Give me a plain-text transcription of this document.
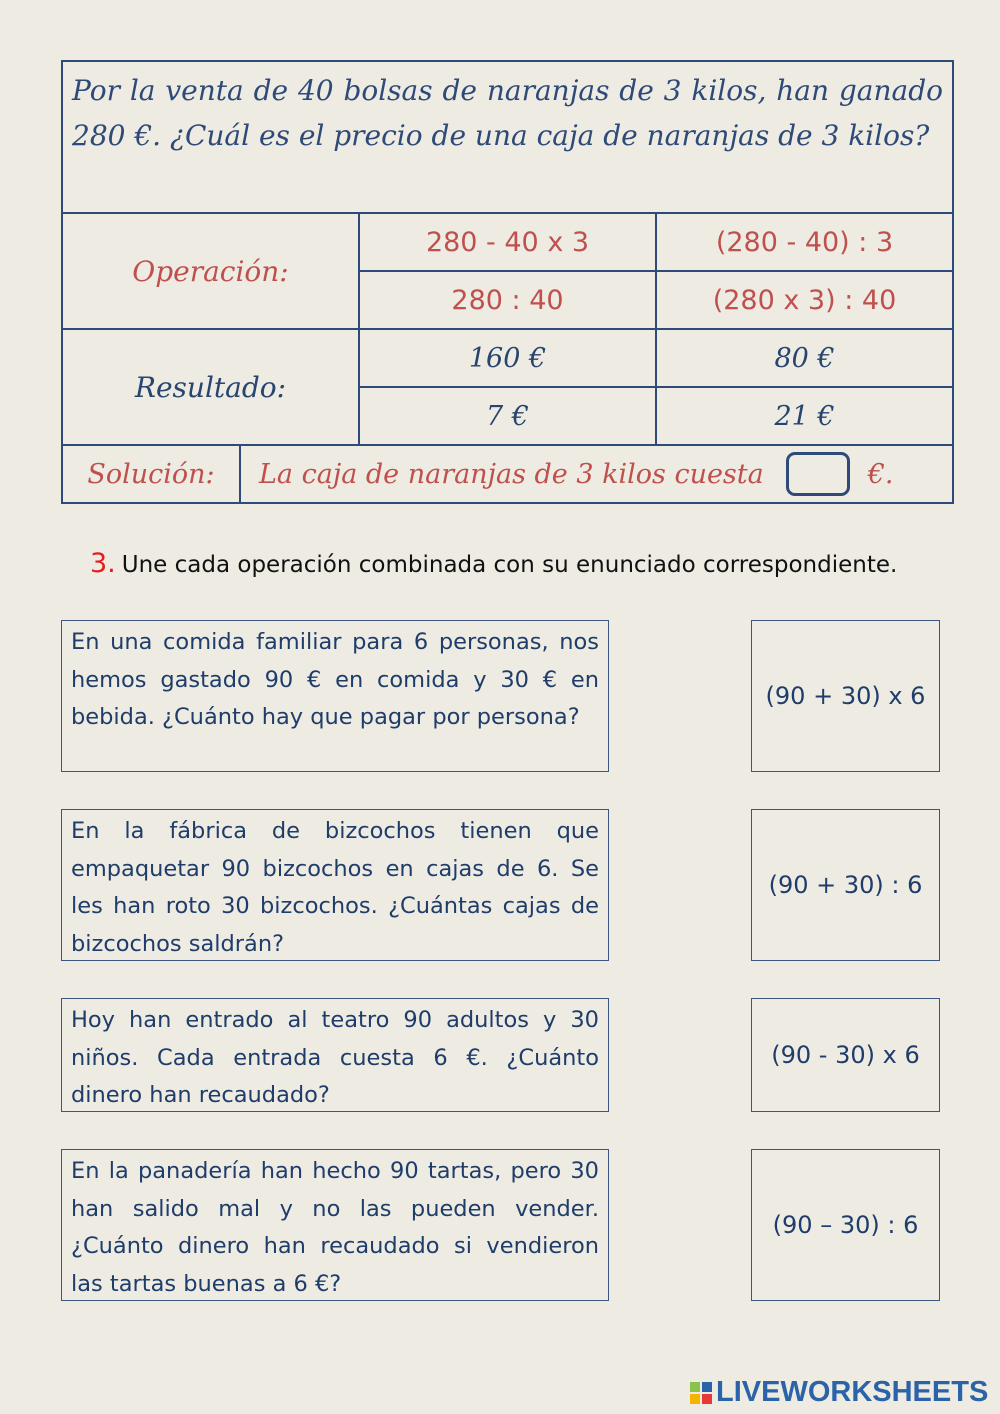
Por la venta de 40 bolsas de naranjas de 3 kilos, han ganado 280 €. ¿Cuál es el precio de una caja de naranjas de 3 kilos?
Operación:
280 - 40 x 3	(280 - 40) : 3
280 : 40	(280 x 3) : 40
Resultado:
160 €	80 €
7 €	21 €
Solución:	La caja de naranjas de 3 kilos cuesta	€.
3. Une cada operación combinada con su enunciado correspondiente.
En una comida familiar para 6 personas, nos hemos gastado 90 € en comida y 30 € en bebida. ¿Cuánto hay que pagar por persona?
En la fábrica de bizcochos tienen que empaquetar 90 bizcochos en cajas de 6. Se les han roto 30 bizcochos. ¿Cuántas cajas de bizcochos saldrán?
Hoy han entrado al teatro 90 adultos y 30 niños. Cada entrada cuesta 6 €. ¿Cuánto dinero han recaudado?
En la panadería han hecho 90 tartas, pero 30 han salido mal y no las pueden vender. ¿Cuánto dinero han recaudado si vendieron las tartas buenas a 6 €?
(90 + 30) x 6
(90 + 30) : 6
(90 - 30) x 6
(90 – 30) : 6
LIVEWORKSHEETS
